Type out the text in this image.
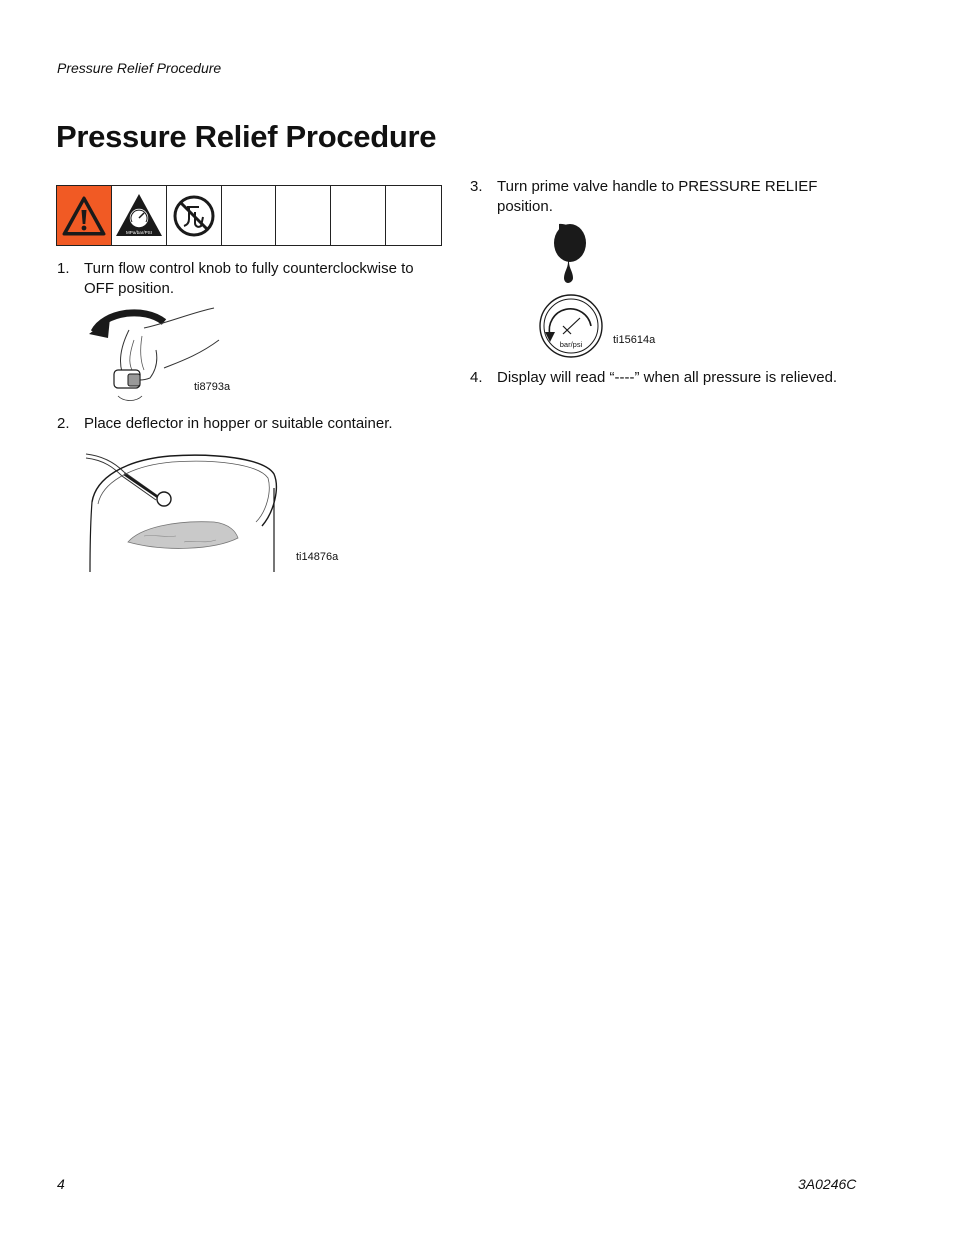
Pressure Relief Procedure
Pressure Relief Procedure
MPa/bar/PSI
1. Turn flow control knob to fully counterclockwise to
OFF position.
ti8793a
2. Place deflector in hopper or suitable container.
ti14876a
3. Turn prime valve handle to PRESSURE RELIEF
position.
bar/psi	ti15614a
4. Display will read “----” when all pressure is relieved.
4	3A0246C
